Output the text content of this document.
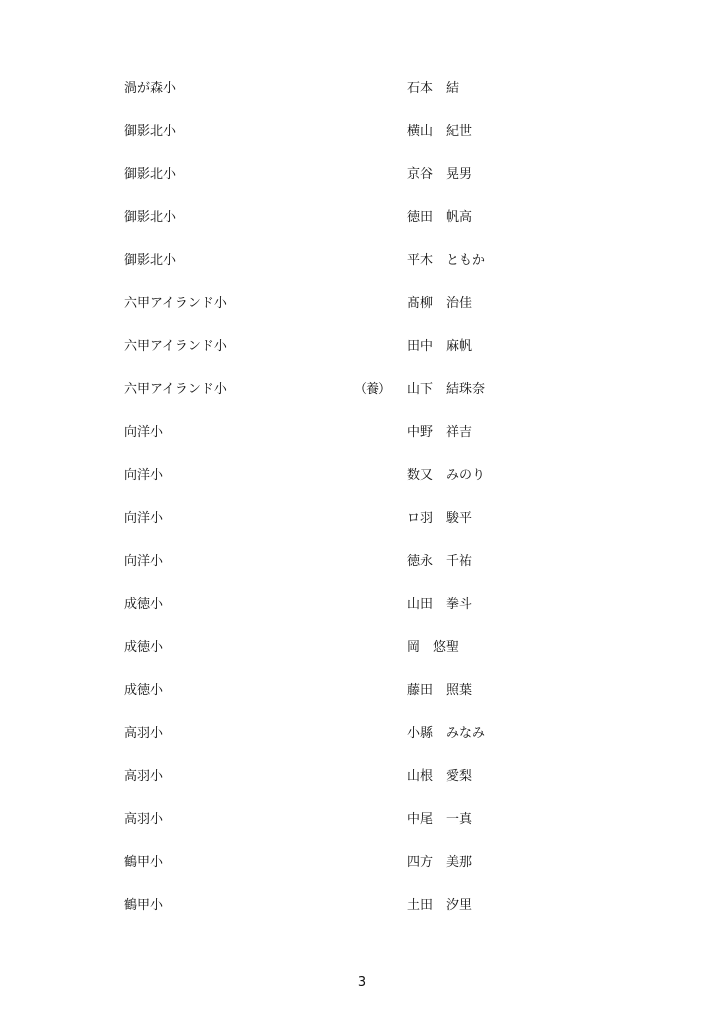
渦が森小	石本　結
御影北小	横山　紀世
御影北小	京谷　晃男
御影北小	徳田　帆高
御影北小	平木　ともか
六甲アイランド小	髙柳　治佳
六甲アイランド小	田中　麻帆
六甲アイランド小	（養） 山下　結珠奈
向洋小	中野　祥吉
向洋小	数又　みのり
向洋小	ロ羽　駿平
向洋小	徳永　千祐
成徳小	山田　拳斗
成徳小	岡　悠聖
成徳小	藤田　照葉
高羽小	小縣　みなみ
高羽小	山根　愛梨
高羽小	中尾　一真
鶴甲小	四方　美那
鶴甲小	土田　汐里
3
